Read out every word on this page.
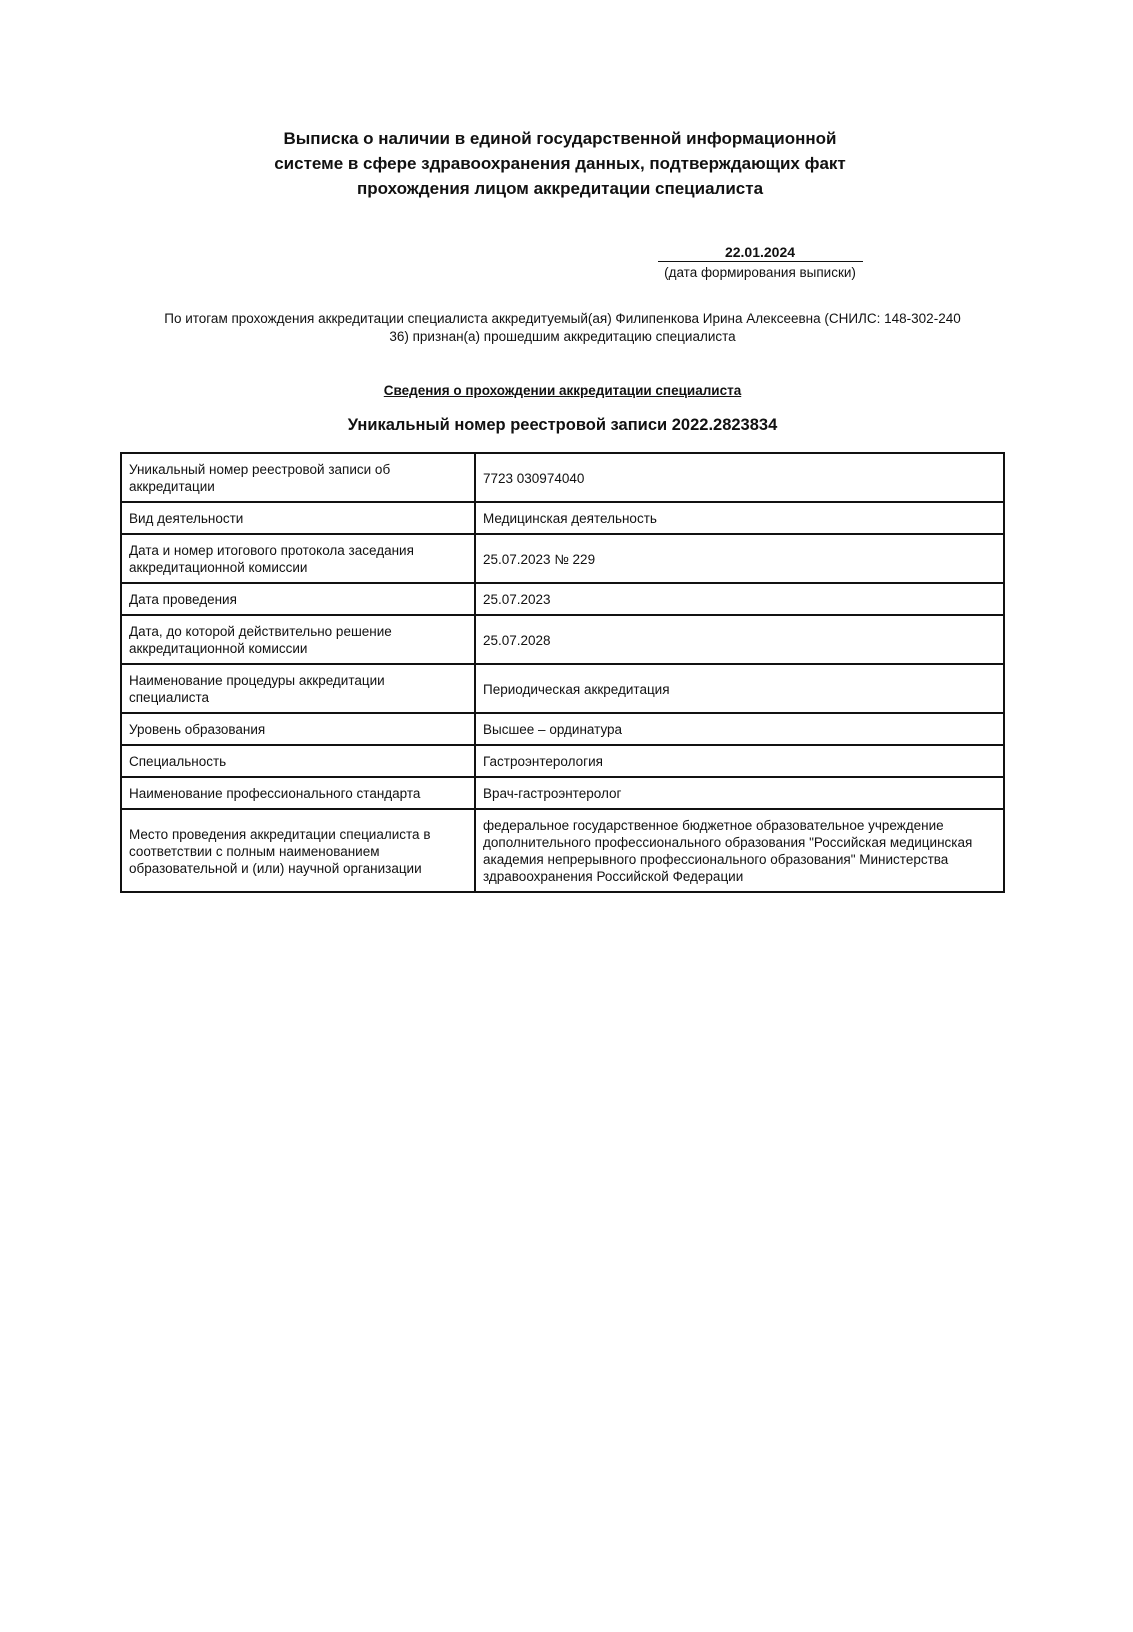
Выписка о наличии в единой государственной информационной
системе в сфере здравоохранения данных, подтверждающих факт
прохождения лицом аккредитации специалиста
22.01.2024
(дата формирования выписки)
По итогам прохождения аккредитации специалиста аккредитуемый(ая) Филипенкова Ирина Алексеевна (СНИЛС: 148-302-240
36) признан(а) прошедшим аккредитацию специалиста
Сведения о прохождении аккредитации специалиста
Уникальный номер реестровой записи 2022.2823834
Уникальный номер реестровой записи об аккредитации	7723 030974040
Вид деятельности	Медицинская деятельность
Дата и номер итогового протокола заседания аккредитационной комиссии	25.07.2023 № 229
Дата проведения	25.07.2023
Дата, до которой действительно решение аккредитационной комиссии	25.07.2028
Наименование процедуры аккредитации специалиста	Периодическая аккредитация
Уровень образования	Высшее – ординатура
Специальность	Гастроэнтерология
Наименование профессионального стандарта	Врач-гастроэнтеролог
Место проведения аккредитации специалиста в соответствии с полным наименованием образовательной и (или) научной организации	федеральное государственное бюджетное образовательное учреждение дополнительного профессионального образования "Российская медицинская академия непрерывного профессионального образования" Министерства здравоохранения Российской Федерации
